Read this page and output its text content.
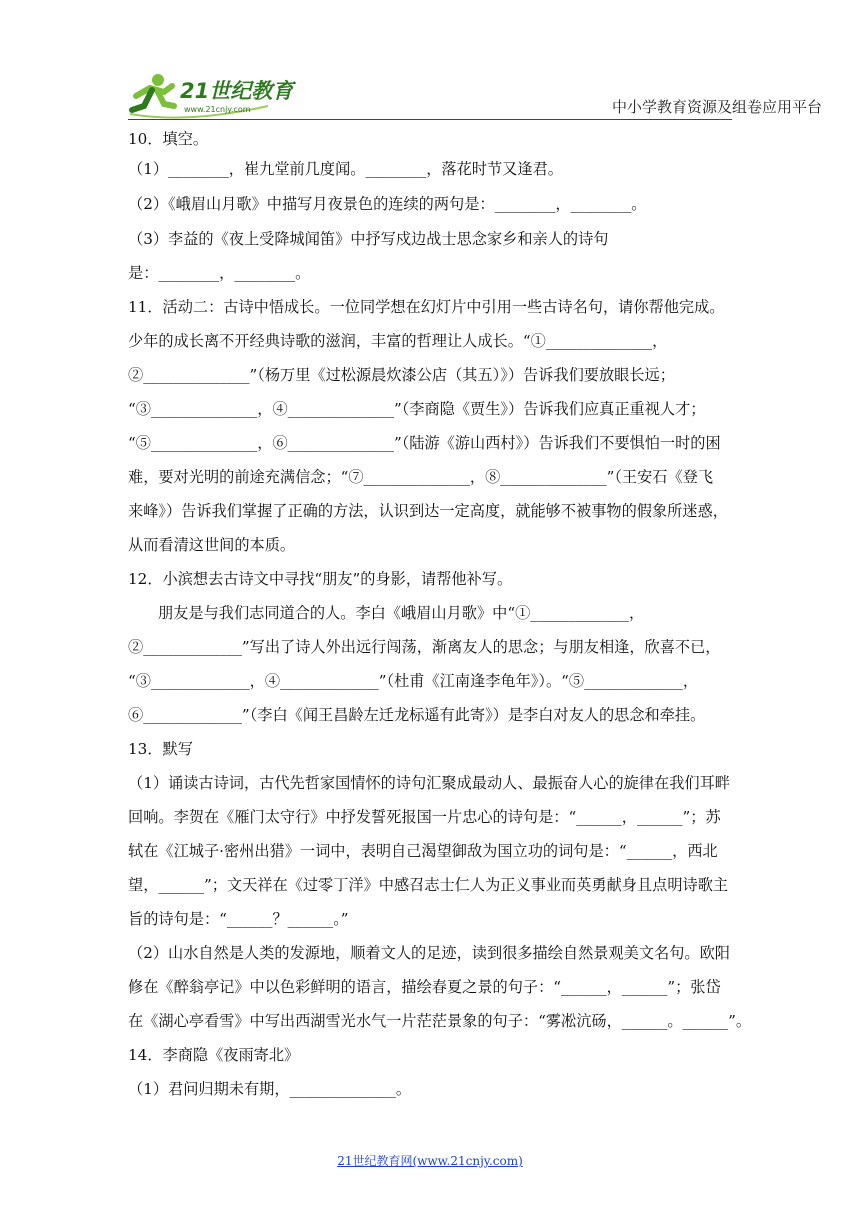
21世纪教育
www.21cnjy.com	中小学教育资源及组卷应用平台
10．填空。
（1）________，崔九堂前几度闻。________，落花时节又逢君。
（2）《峨眉山月歌》中描写月夜景色的连续的两句是：________，________。
（3）李益的《夜上受降城闻笛》中抒写戍边战士思念家乡和亲人的诗句
是：________，________。
11．活动二：古诗中悟成长。一位同学想在幻灯片中引用一些古诗名句，请你帮他完成。
少年的成长离不开经典诗歌的滋润，丰富的哲理让人成长。“①______________，
②______________”（杨万里《过松源晨炊漆公店（其五）》）告诉我们要放眼长远；
“③______________，④______________”（李商隐《贾生》）告诉我们应真正重视人才；
“⑤______________，⑥______________”（陆游《游山西村》）告诉我们不要惧怕一时的困
难，要对光明的前途充满信念；“⑦______________，⑧______________”（王安石《登飞
来峰》）告诉我们掌握了正确的方法，认识到达一定高度，就能够不被事物的假象所迷惑，
从而看清这世间的本质。
12．小滨想去古诗文中寻找“朋友”的身影，请帮他补写。
朋友是与我们志同道合的人。李白《峨眉山月歌》中“①_____________，
②_____________”写出了诗人外出远行闯荡，渐离友人的思念；与朋友相逢，欣喜不已，
“③_____________，④_____________”（杜甫《江南逢李龟年》）。“⑤_____________，
⑥_____________”（李白《闻王昌龄左迁龙标遥有此寄》）是李白对友人的思念和牵挂。
13．默写
（1）诵读古诗词，古代先哲家国情怀的诗句汇聚成最动人、最振奋人心的旋律在我们耳畔
回响。李贺在《雁门太守行》中抒发誓死报国一片忠心的诗句是：“______，______”；苏
轼在《江城子·密州出猎》一词中，表明自己渴望御敌为国立功的词句是：“______，西北
望，______”；文天祥在《过零丁洋》中感召志士仁人为正义事业而英勇献身且点明诗歌主
旨的诗句是：“______？______。”
（2）山水自然是人类的发源地，顺着文人的足迹，读到很多描绘自然景观美文名句。欧阳
修在《醉翁亭记》中以色彩鲜明的语言，描绘春夏之景的句子：“______，______”；张岱
在《湖心亭看雪》中写出西湖雪光水气一片茫茫景象的句子：“雾凇沆砀，______。______”。
14．李商隐《夜雨寄北》
（1）君问归期未有期，______________。
21世纪教育网(www.21cnjy.com)
